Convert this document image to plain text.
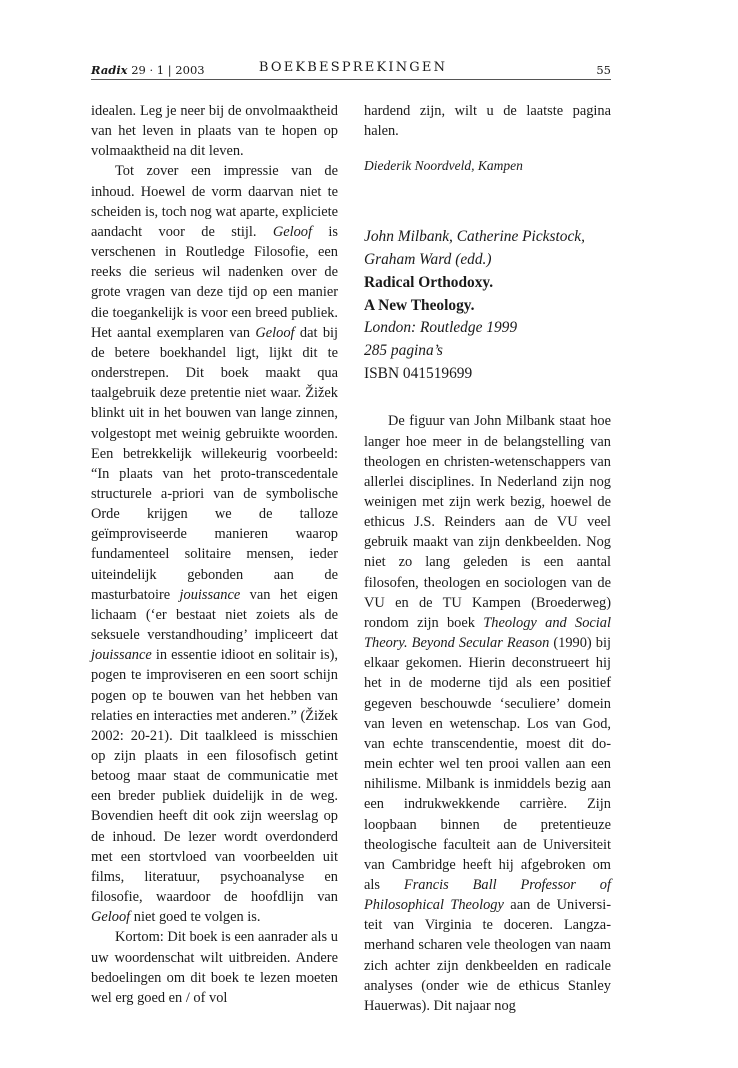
Radix 29 · 1 | 2003	BOEKBESPREKINGEN	55

idealen. Leg je neer bij de onvolmaaktheid van het leven in plaats van te hopen op volmaaktheid na dit leven.

Tot zover een impressie van de inhoud. Hoewel de vorm daarvan niet te scheiden is, toch nog wat aparte, expliciete aandacht voor de stijl. Geloof is verschenen in Routledge Filosofie, een reeks die serieus wil nadenken over de grote vragen van deze tijd op een manier die toegankelijk is voor een breed publiek. Het aantal exemplaren van Geloof dat bij de betere boekhandel ligt, lijkt dit te onderstrepen. Dit boek maakt qua taalgebruik deze pretentie niet waar. Žižek blinkt uit in het bouwen van lange zinnen, volgestopt met weinig gebruikte woorden. Een betrekkelijk willekeurig voorbeeld: “In plaats van het proto-transcedentale structurele a-priori van de symbolische Orde krijgen we de talloze geïmproviseerde manieren waarop fundamenteel solitaire mensen, ieder uiteindelijk gebonden aan de masturbatoire jouissance van het eigen lichaam (‘er bestaat niet zoiets als de seksuele verstandhouding’ impliceert dat jouissance in essentie idioot en solitair is), pogen te improviseren en een soort schijn pogen op te bouwen van het hebben van relaties en interacties met anderen.” (Žižek 2002: 20-21). Dit taalkleed is misschien op zijn plaats in een filosofisch getint betoog maar staat de communicatie met een breder publiek duidelijk in de weg. Bovendien heeft dit ook zijn weerslag op de inhoud. De lezer wordt overdonderd met een stortvloed van voorbeelden uit films, literatuur, psychoanalyse en filosofie, waardoor de hoofdlijn van Geloof niet goed te volgen is.

Kortom: Dit boek is een aanrader als u uw woordenschat wilt uitbreiden. Andere bedoelingen om dit boek te lezen moeten wel erg goed en / of vol

hardend zijn, wilt u de laatste pagina halen.

Diederik Noordveld, Kampen

John Milbank, Catherine Pickstock,
Graham Ward (edd.)
Radical Orthodoxy.
A New Theology.
London: Routledge 1999
285 pagina’s
ISBN 041519699

De figuur van John Milbank staat hoe langer hoe meer in de belangstelling van theologen en christen-wetenschappers van allerlei disciplines. In Nederland zijn nog weinigen met zijn werk bezig, hoewel de ethicus J.S. Reinders aan de VU veel gebruik maakt van zijn denkbeelden. Nog niet zo lang geleden is een aantal filosofen, theologen en sociologen van de VU en de TU Kampen (Broederweg) rondom zijn boek Theology and Social Theory. Beyond Secular Reason (1990) bij elkaar gekomen. Hierin deconstrueert hij het in de moderne tijd als een positief gegeven beschouwde ‘seculiere’ domein van leven en wetenschap. Los van God, van echte transcendentie, moest dit domein echter wel ten prooi vallen aan een nihilisme. Milbank is inmiddels bezig aan een indrukwekkende carrière. Zijn loopbaan binnen de pretentieuze theologische faculteit aan de Universiteit van Cambridge heeft hij afgebroken om als Francis Ball Professor of Philosophical Theology aan de Universiteit van Virginia te doceren. Langzamerhand scharen vele theologen van naam zich achter zijn denkbeelden en radicale analyses (onder wie de ethicus Stanley Hauerwas). Dit najaar nog
